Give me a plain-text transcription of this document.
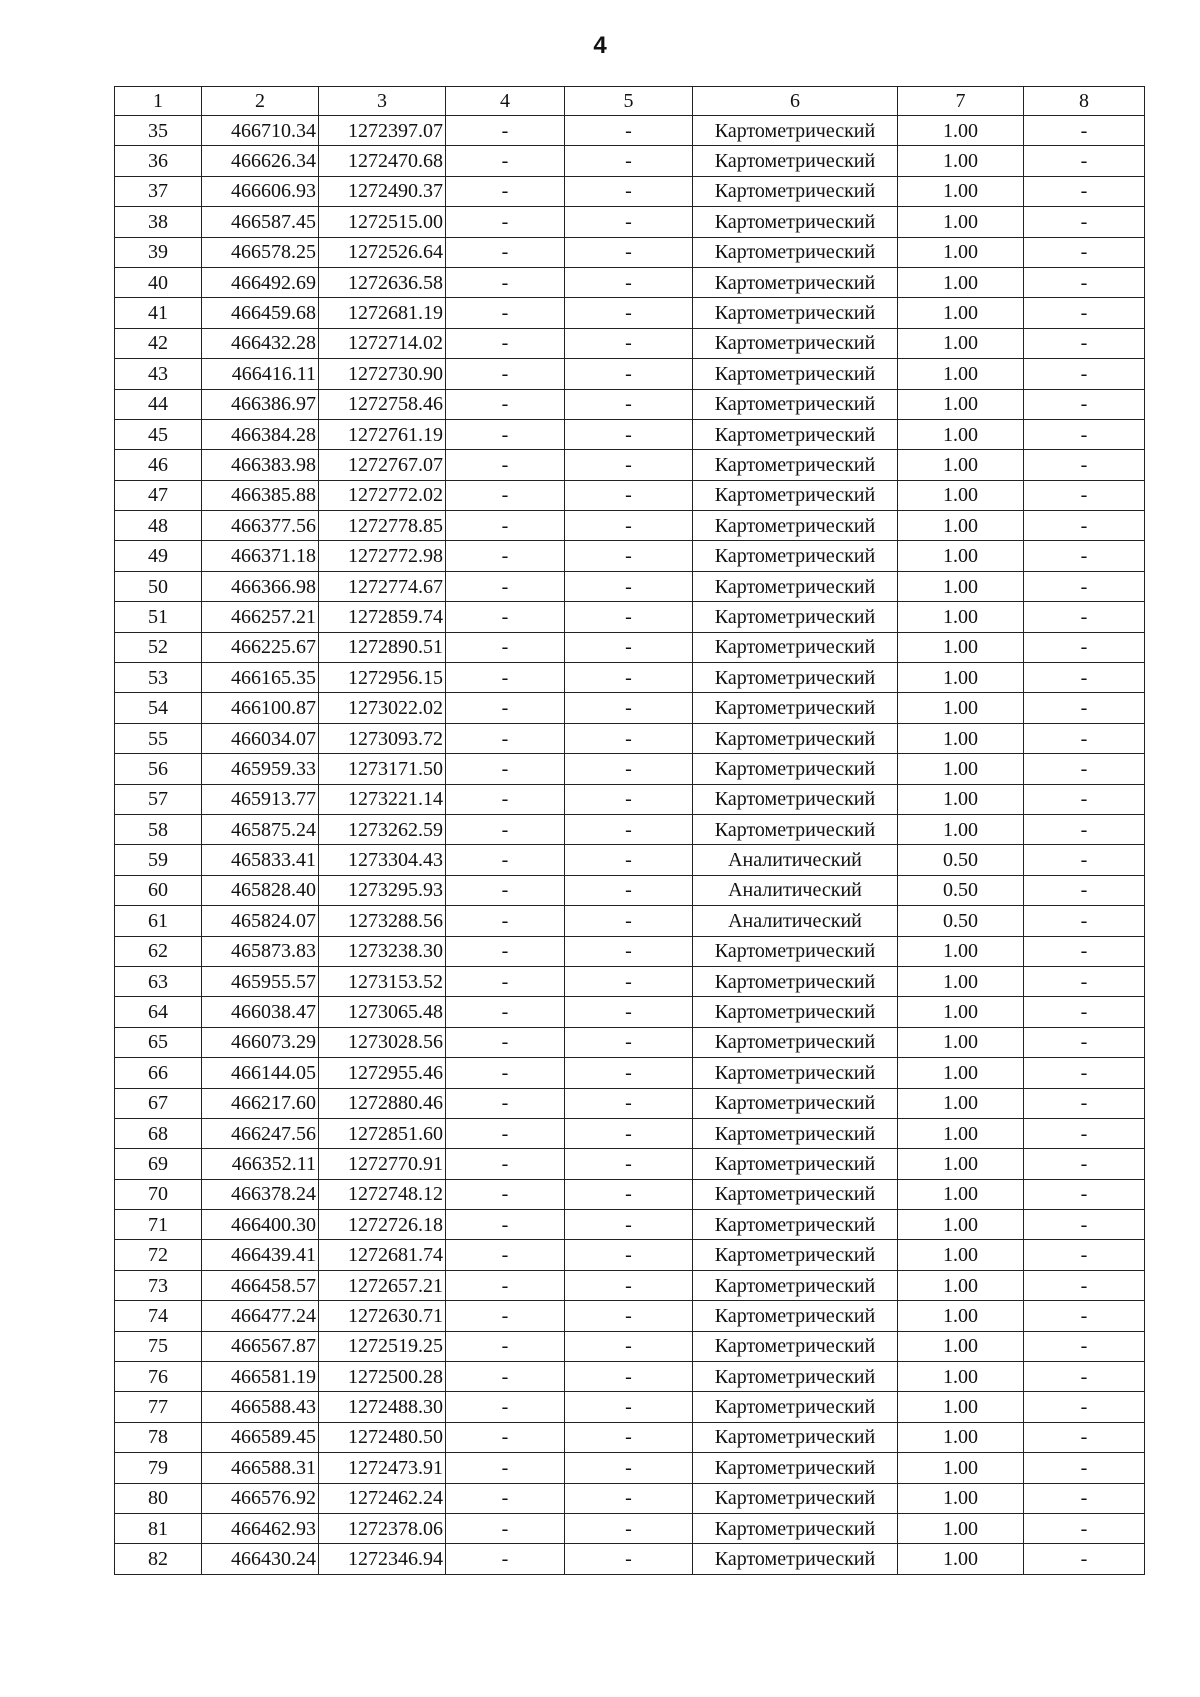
4
1	2	3	4	5	6	7	8
35	466710.34	1272397.07	-	-	Картометрический	1.00	-
36	466626.34	1272470.68	-	-	Картометрический	1.00	-
37	466606.93	1272490.37	-	-	Картометрический	1.00	-
38	466587.45	1272515.00	-	-	Картометрический	1.00	-
39	466578.25	1272526.64	-	-	Картометрический	1.00	-
40	466492.69	1272636.58	-	-	Картометрический	1.00	-
41	466459.68	1272681.19	-	-	Картометрический	1.00	-
42	466432.28	1272714.02	-	-	Картометрический	1.00	-
43	466416.11	1272730.90	-	-	Картометрический	1.00	-
44	466386.97	1272758.46	-	-	Картометрический	1.00	-
45	466384.28	1272761.19	-	-	Картометрический	1.00	-
46	466383.98	1272767.07	-	-	Картометрический	1.00	-
47	466385.88	1272772.02	-	-	Картометрический	1.00	-
48	466377.56	1272778.85	-	-	Картометрический	1.00	-
49	466371.18	1272772.98	-	-	Картометрический	1.00	-
50	466366.98	1272774.67	-	-	Картометрический	1.00	-
51	466257.21	1272859.74	-	-	Картометрический	1.00	-
52	466225.67	1272890.51	-	-	Картометрический	1.00	-
53	466165.35	1272956.15	-	-	Картометрический	1.00	-
54	466100.87	1273022.02	-	-	Картометрический	1.00	-
55	466034.07	1273093.72	-	-	Картометрический	1.00	-
56	465959.33	1273171.50	-	-	Картометрический	1.00	-
57	465913.77	1273221.14	-	-	Картометрический	1.00	-
58	465875.24	1273262.59	-	-	Картометрический	1.00	-
59	465833.41	1273304.43	-	-	Аналитический	0.50	-
60	465828.40	1273295.93	-	-	Аналитический	0.50	-
61	465824.07	1273288.56	-	-	Аналитический	0.50	-
62	465873.83	1273238.30	-	-	Картометрический	1.00	-
63	465955.57	1273153.52	-	-	Картометрический	1.00	-
64	466038.47	1273065.48	-	-	Картометрический	1.00	-
65	466073.29	1273028.56	-	-	Картометрический	1.00	-
66	466144.05	1272955.46	-	-	Картометрический	1.00	-
67	466217.60	1272880.46	-	-	Картометрический	1.00	-
68	466247.56	1272851.60	-	-	Картометрический	1.00	-
69	466352.11	1272770.91	-	-	Картометрический	1.00	-
70	466378.24	1272748.12	-	-	Картометрический	1.00	-
71	466400.30	1272726.18	-	-	Картометрический	1.00	-
72	466439.41	1272681.74	-	-	Картометрический	1.00	-
73	466458.57	1272657.21	-	-	Картометрический	1.00	-
74	466477.24	1272630.71	-	-	Картометрический	1.00	-
75	466567.87	1272519.25	-	-	Картометрический	1.00	-
76	466581.19	1272500.28	-	-	Картометрический	1.00	-
77	466588.43	1272488.30	-	-	Картометрический	1.00	-
78	466589.45	1272480.50	-	-	Картометрический	1.00	-
79	466588.31	1272473.91	-	-	Картометрический	1.00	-
80	466576.92	1272462.24	-	-	Картометрический	1.00	-
81	466462.93	1272378.06	-	-	Картометрический	1.00	-
82	466430.24	1272346.94	-	-	Картометрический	1.00	-
